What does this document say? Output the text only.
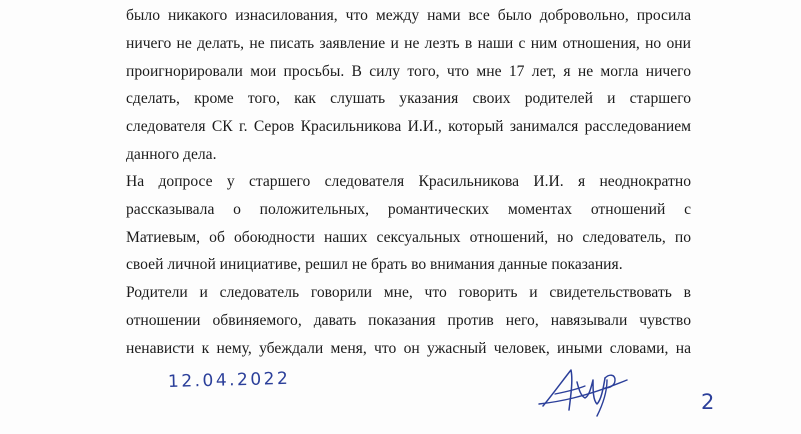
было никакого изнасилования, что между нами все было добровольно, просила
ничего не делать, не писать заявление и не лезть в наши с ним отношения, но они
проигнорировали мои просьбы. В силу того, что мне 17 лет, я не могла ничего
сделать, кроме того, как слушать указания своих родителей и старшего
следователя СК г. Серов Красильникова И.И., который занимался расследованием
данного дела.
На допросе у старшего следователя Красильникова И.И. я неоднократно
рассказывала о положительных, романтических моментах отношений с
Матиевым, об обоюдности наших сексуальных отношений, но следователь, по
своей личной инициативе, решил не брать во внимания данные показания.
Родители и следователь говорили мне, что говорить и свидетельствовать в
отношении обвиняемого, давать показания против него, навязывали чувство
ненависти к нему, убеждали меня, что он ужасный человек, иными словами, на
12.04.2022
2
